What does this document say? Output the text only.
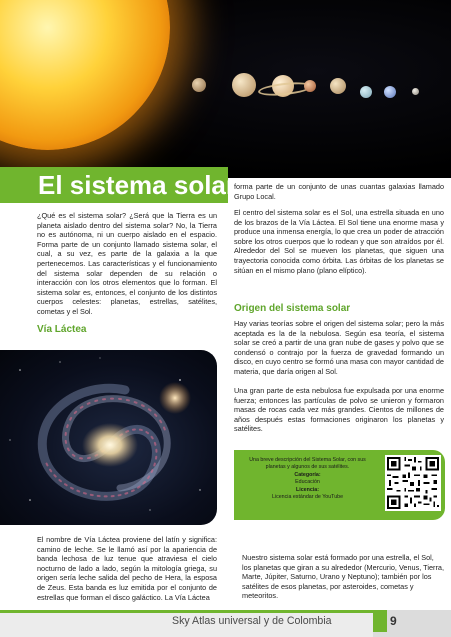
El sistema solar

¿Qué es el sistema solar? ¿Será que la Tierra es un planeta aislado dentro del sistema solar? No, la Tierra no es autónoma, ni un cuerpo aislado en el espacio. Forma parte de un conjunto llamado sistema solar, el cual, a su vez, es parte de la galaxia a la que pertenecemos. Las características y el funcionamiento del sistema solar dependen de su relación o interacción con los otros elementos que lo forman. El sistema solar es, entonces, el conjunto de los distintos cuerpos celestes: planetas, estrellas, satélites, cometas y el Sol.

Vía Láctea

El nombre de Vía Láctea proviene del latín y significa: camino de leche. Se le llamó así por la apariencia de banda lechosa de luz tenue que atraviesa el cielo nocturno de lado a lado, según la mitología griega, su origen sería leche salida del pecho de Hera, la esposa de Zeus. Esta banda es luz emitida por el conjunto de estrellas que forman el disco galáctico. La Vía Láctea

forma parte de un conjunto de unas cuantas galaxias llamado Grupo Local.

El centro del sistema solar es el Sol, una estrella situada en uno de los brazos de la Vía Láctea. El Sol tiene una enorme masa y produce una inmensa energía, lo que crea un poder de atracción sobre los otros cuerpos que lo rodean y que son atraídos por él. Alrededor del Sol se mueven los planetas, que siguen una trayectoria conocida como órbita. Las órbitas de los planetas se sitúan en el mismo plano (plano elíptico).

Origen del sistema solar

Hay varias teorías sobre el origen del sistema solar; pero la más aceptada es la de la nebulosa. Según esa teoría, el sistema solar se creó a partir de una gran nube de gases y polvo que se condensó o contrajo por la fuerza de gravedad formando un disco, en cuyo centro se formó una masa con mayor cantidad de materia, que daría origen al Sol.

Una gran parte de esta nebulosa fue expulsada por una enorme fuerza; entonces las partículas de polvo se unieron y formaron masas de rocas cada vez más grandes. Cientos de millones de años después estas formaciones originaron los planetas y satélites.

Una breve descripción del Sistema Solar, con sus planetas y algunos de sus satélites.
Categoría:
Educación
Licencia:
Licencia estándar de YouTube

Nuestro sistema solar está formado por una estrella, el Sol, los planetas que giran a su alrededor (Mercurio, Venus, Tierra, Marte, Júpiter, Saturno, Urano y Neptuno); también por los satélites de esos planetas, por asteroides, cometas y meteoritos.

Sky Atlas universal y de Colombia	9
